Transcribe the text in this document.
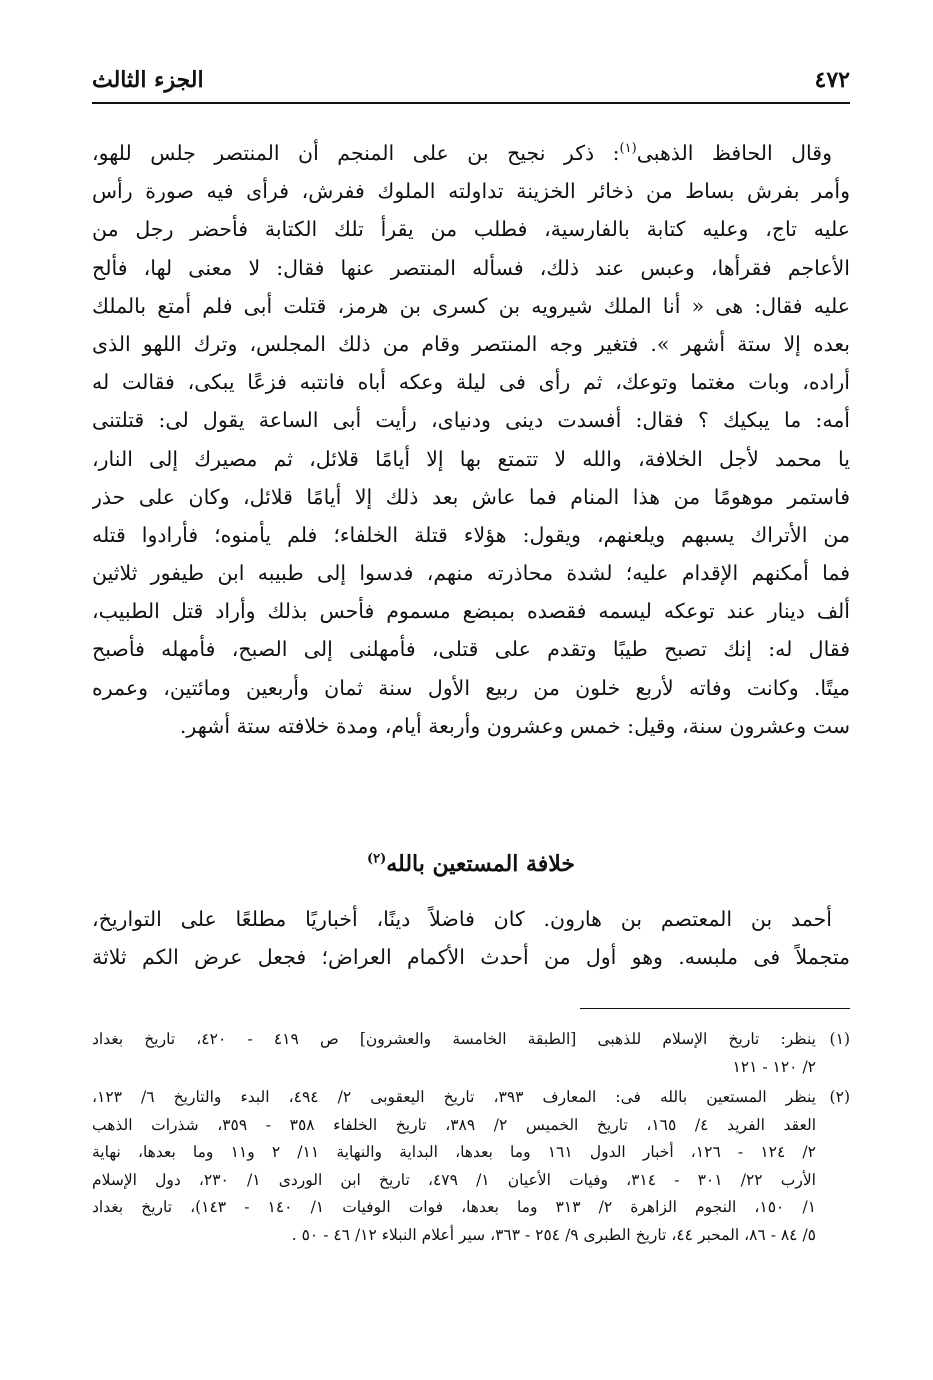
٤٧٢
الجزء الثالث
وقال الحافظ الذهبى$^{(١)}$: ذكر نجيح بن على المنجم أن المنتصر جلس للهو،
وأمر بفرش بساط من ذخائر الخزينة تداولته الملوك ففرش، فرأى فيه صورة رأس
عليه تاج، وعليه كتابة بالفارسية، فطلب من يقرأ تلك الكتابة فأحضر رجل من
الأعاجم فقرأها، وعبس عند ذلك، فسأله المنتصر عنها فقال: لا معنى لها، فألح
عليه فقال: هى « أنا الملك شيرويه بن كسرى بن هرمز، قتلت أبى فلم أمتع بالملك
بعده إلا ستة أشهر ». فتغير وجه المنتصر وقام من ذلك المجلس، وترك اللهو الذى
أراده، وبات مغتما وتوعك، ثم رأى فى ليلة وعكه أباه فانتبه فزعًا يبكى، فقالت له
أمه: ما يبكيك ؟ فقال: أفسدت دينى ودنياى، رأيت أبى الساعة يقول لى: قتلتنى
يا محمد لأجل الخلافة، والله لا تتمتع بها إلا أيامًا قلائل، ثم مصيرك إلى النار،
فاستمر موهومًا من هذا المنام فما عاش بعد ذلك إلا أيامًا قلائل، وكان على حذر
من الأتراك يسبهم ويلعنهم، ويقول: هؤلاء قتلة الخلفاء؛ فلم يأمنوه؛ فأرادوا قتله
فما أمكنهم الإقدام عليه؛ لشدة محاذرته منهم، فدسوا إلى طبيبه ابن طيفور ثلاثين
ألف دينار عند توعكه ليسمه فقصده بمبضع مسموم فأحس بذلك وأراد قتل الطبيب،
فقال له: إنك تصبح طيبًا وتقدم على قتلى، فأمهلنى إلى الصبح، فأمهله فأصبح
ميتًا. وكانت وفاته لأربع خلون من ربيع الأول سنة ثمان وأربعين ومائتين، وعمره
ست وعشرون سنة، وقيل: خمس وعشرون وأربعة أيام، ومدة خلافته ستة أشهر.
خلافة المستعين بالله$^{(٢)}$
أحمد بن المعتصم بن هارون. كان فاضلاً دينًا، أخباريًا مطلعًا على التواريخ،
متجملاً فى ملبسه. وهو أول من أحدث الأكمام العراض؛ فجعل عرض الكم ثلاثة
(١)
ينظر: تاريخ الإسلام للذهبى [الطبقة الخامسة والعشرون] ص ٤١٩ - ٤٢٠، تاريخ بغداد
٢/ ١٢٠ - ١٢١
(٢)
ينظر المستعين بالله فى: المعارف ٣٩٣، تاريخ اليعقوبى ٢/ ٤٩٤، البدء والتاريخ ٦/ ١٢٣،
العقد الفريد ٤/ ١٦٥، تاريخ الخميس ٢/ ٣٨٩، تاريخ الخلفاء ٣٥٨ - ٣٥٩، شذرات الذهب
٢/ ١٢٤ - ١٢٦، أخبار الدول ١٦١ وما بعدها، البداية والنهاية ١١/ ٢ و١١ وما بعدها، نهاية
الأرب ٢٢/ ٣٠١ - ٣١٤، وفيات الأعيان ١/ ٤٧٩، تاريخ ابن الوردى ١/ ٢٣٠، دول الإسلام
١/ ١٥٠، النجوم الزاهرة ٢/ ٣١٣ وما بعدها، فوات الوفيات ١/ ١٤٠ - ١٤٣)، تاريخ بغداد
٥/ ٨٤ - ٨٦، المحبر ٤٤، تاريخ الطبرى ٩/ ٢٥٤ - ٣٦٣، سير أعلام النبلاء ١٢/ ٤٦ - ٥٠ .
